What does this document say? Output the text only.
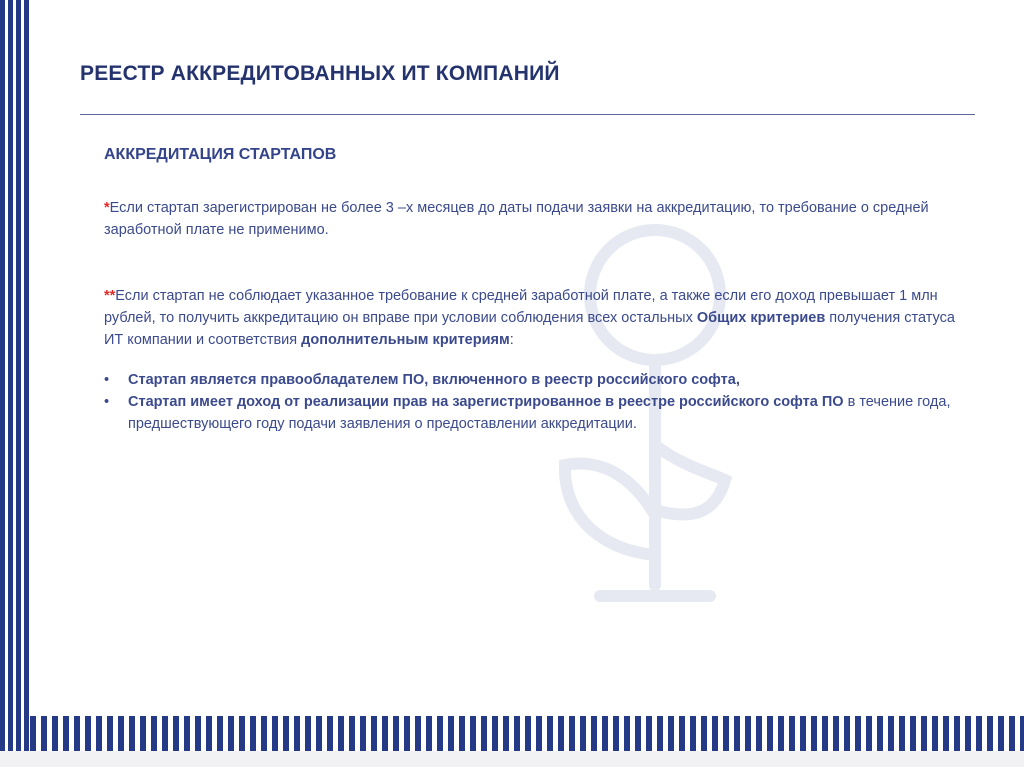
РЕЕСТР АККРЕДИТОВАННЫХ ИТ КОМПАНИЙ
АККРЕДИТАЦИЯ СТАРТАПОВ

*Если стартап зарегистрирован не более 3 –х месяцев до даты подачи заявки на аккредитацию, то требование о средней заработной плате не применимо.

**Если стартап не соблюдает указанное требование к средней заработной плате, а также если его доход превышает 1 млн рублей, то получить аккредитацию он вправе при условии соблюдения всех остальных Общих критериев получения статуса ИТ компании и соответствия дополнительным критериям:

• Стартап является правообладателем ПО, включенного в реестр российского софта,
• Стартап имеет доход от реализации прав на зарегистрированное в реестре российского софта ПО в течение года, предшествующего году подачи заявления о предоставлении аккредитации.
